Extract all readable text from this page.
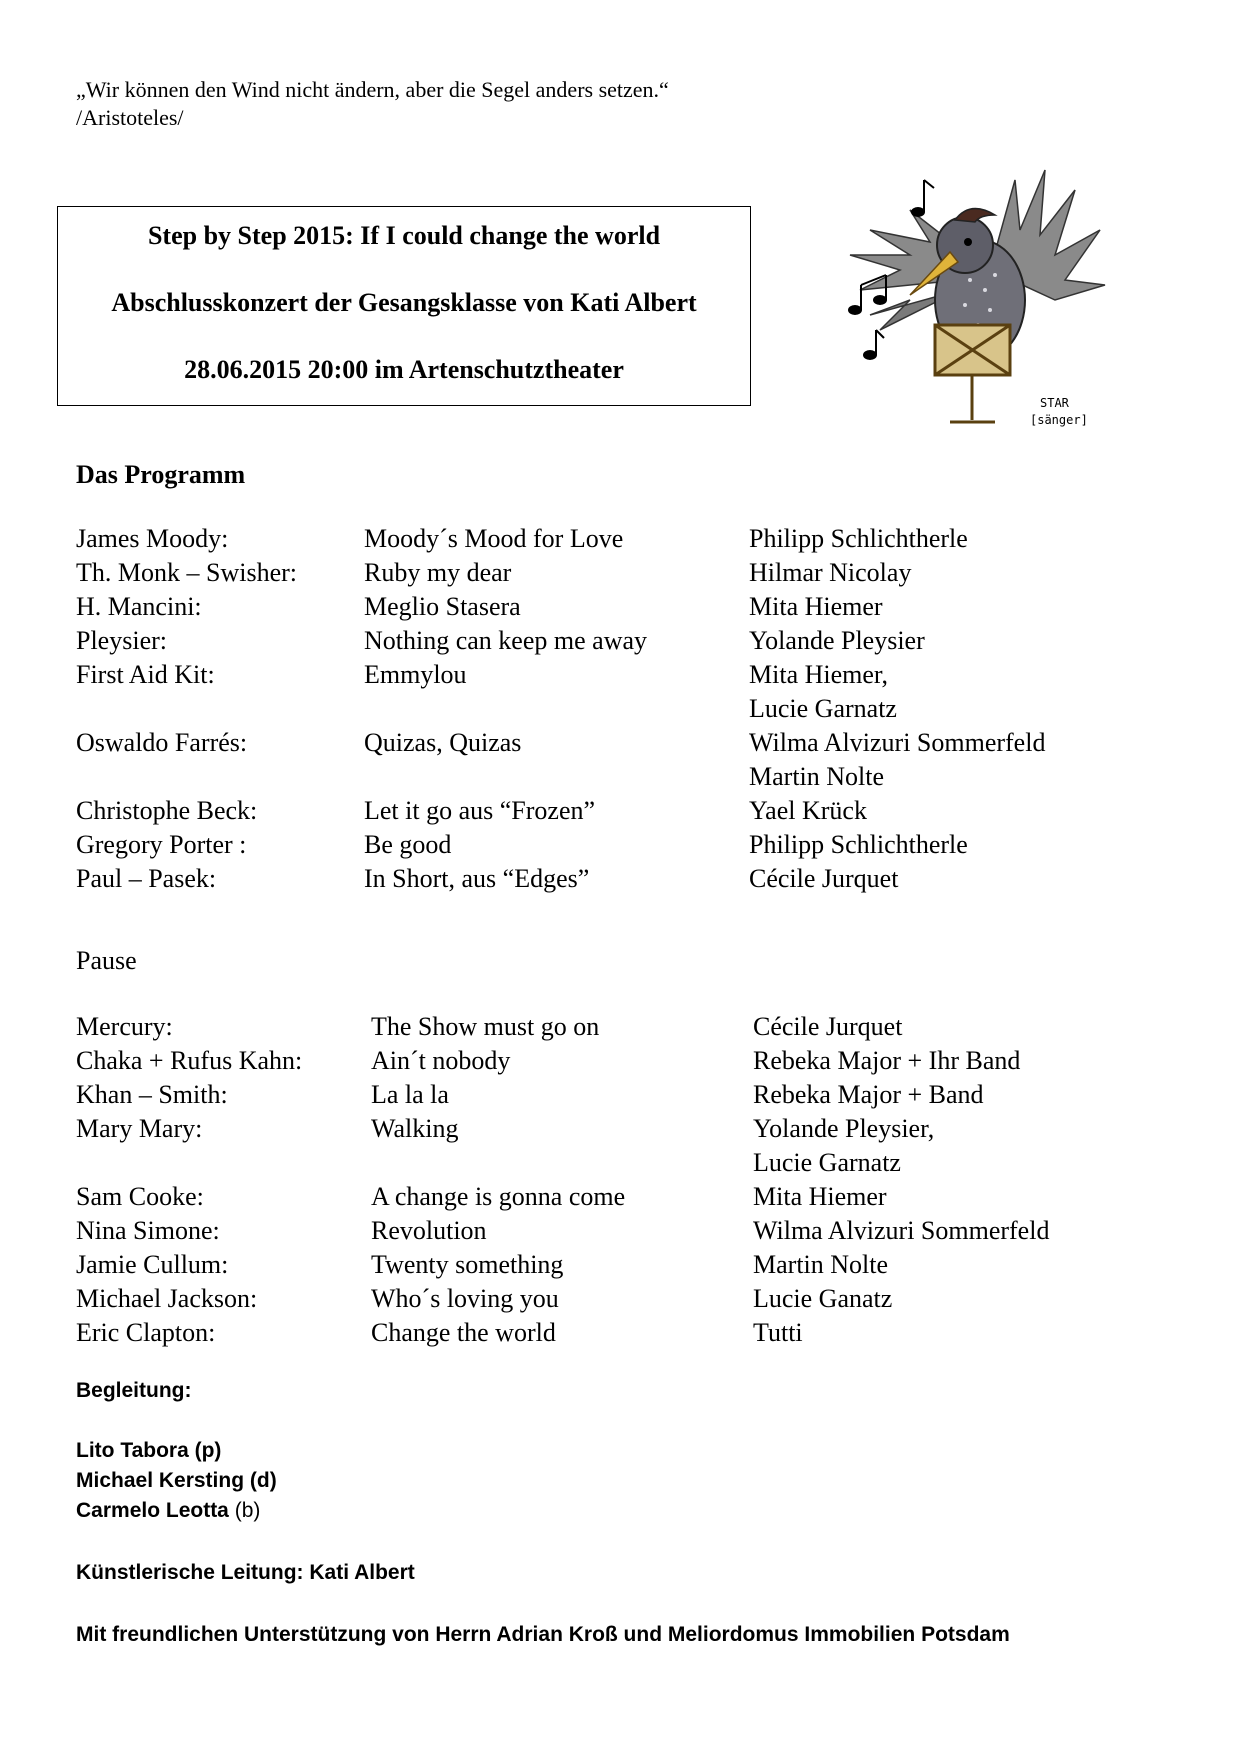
„Wir können den Wind nicht ändern, aber die Segel anders setzen.“
/Aristoteles/
Step by Step 2015: If I could change the world
Abschlusskonzert der Gesangsklasse von Kati Albert
28.06.2015 20:00 im Artenschutztheater
STAR
[sänger]
Das Programm
James Moody:	Moody´s Mood for Love	Philipp Schlichtherle
Th. Monk – Swisher:	Ruby my dear	Hilmar Nicolay
H. Mancini:	Meglio Stasera	Mita Hiemer
Pleysier:	Nothing can keep me away	Yolande Pleysier
First Aid Kit:	Emmylou	Mita Hiemer,
Lucie Garnatz
Oswaldo Farrés:	Quizas, Quizas	Wilma Alvizuri Sommerfeld
Martin Nolte
Christophe Beck:	Let it go aus “Frozen”	Yael Krück
Gregory Porter :	Be good	Philipp Schlichtherle
Paul – Pasek:	In Short, aus “Edges”	Cécile Jurquet
Pause
Mercury:	The Show must go on	Cécile Jurquet
Chaka + Rufus Kahn:	Ain´t nobody	Rebeka Major + Ihr Band
Khan – Smith:	La la la	Rebeka Major + Band
Mary Mary:	Walking	Yolande Pleysier,
Lucie Garnatz
Sam Cooke:	A change is gonna come	Mita Hiemer
Nina Simone:	Revolution	Wilma Alvizuri Sommerfeld
Jamie Cullum:	Twenty something	Martin Nolte
Michael Jackson:	Who´s loving you	Lucie Ganatz
Eric Clapton:	Change the world	Tutti
Begleitung:
Lito Tabora (p)
Michael Kersting (d)
Carmelo Leotta (b)
Künstlerische Leitung: Kati Albert
Mit freundlichen Unterstützung von Herrn Adrian Kroß und Meliordomus Immobilien Potsdam
